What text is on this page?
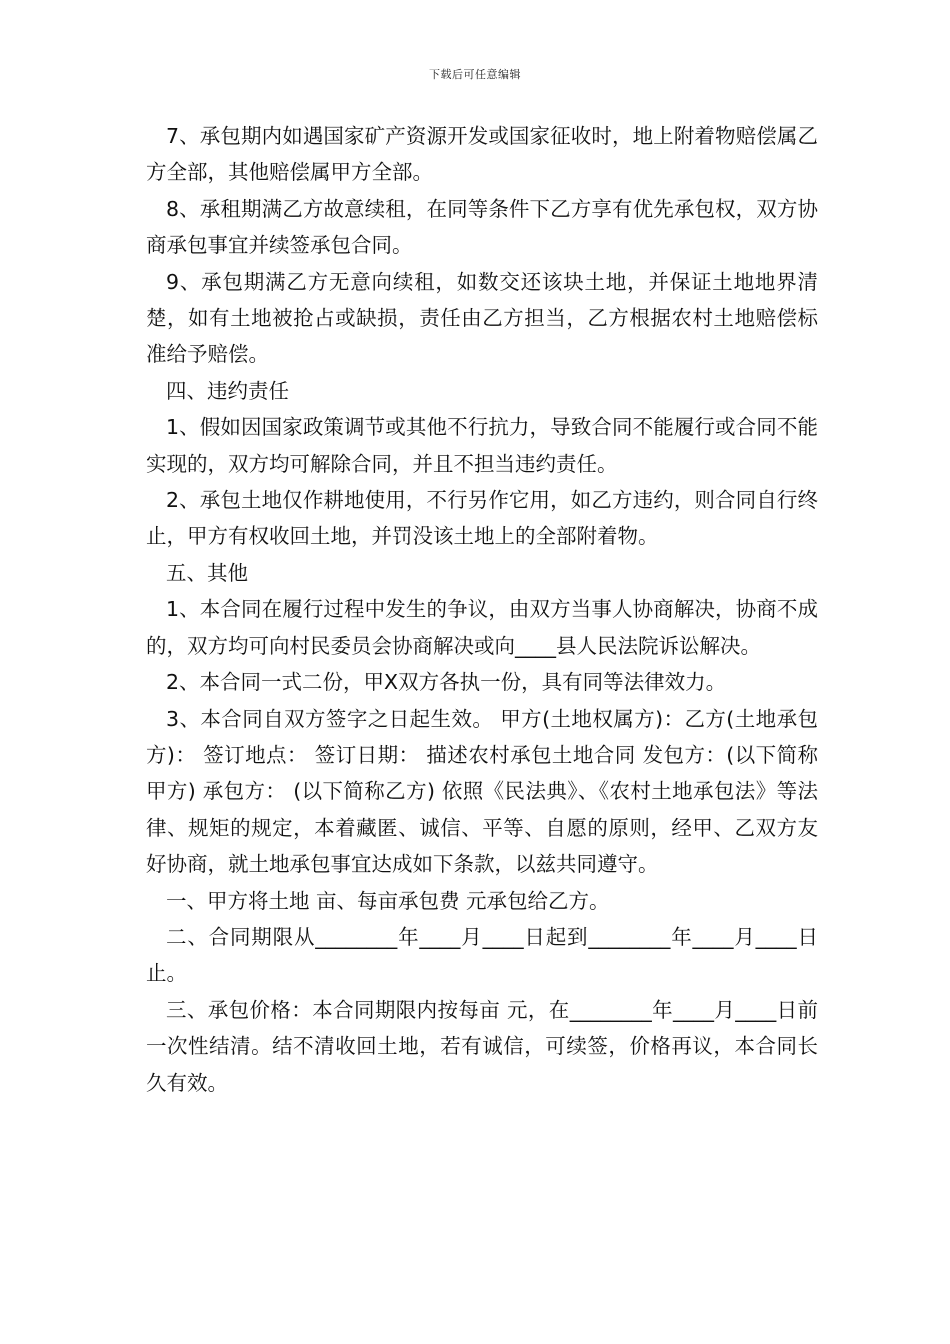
下载后可任意编辑

7、承包期内如遇国家矿产资源开发或国家征收时，地上附着物赔偿属乙方全部，其他赔偿属甲方全部。

8、承租期满乙方故意续租，在同等条件下乙方享有优先承包权，双方协商承包事宜并续签承包合同。

9、承包期满乙方无意向续租，如数交还该块土地，并保证土地地界清楚，如有土地被抢占或缺损，责任由乙方担当，乙方根据农村土地赔偿标准给予赔偿。

四、违约责任

1、假如因国家政策调节或其他不行抗力，导致合同不能履行或合同不能实现的，双方均可解除合同，并且不担当违约责任。

2、承包土地仅作耕地使用，不行另作它用，如乙方违约，则合同自行终止，甲方有权收回土地，并罚没该土地上的全部附着物。

五、其他

1、本合同在履行过程中发生的争议，由双方当事人协商解决，协商不成的，双方均可向村民委员会协商解决或向____县人民法院诉讼解决。

2、本合同一式二份，甲X双方各执一份，具有同等法律效力。

3、本合同自双方签字之日起生效。 甲方(土地权属方)：乙方(土地承包方)： 签订地点： 签订日期： 描述农村承包土地合同 发包方：(以下简称甲方) 承包方： (以下简称乙方) 依照《民法典》、《农村土地承包法》等法律、规矩的规定，本着藏匿、诚信、平等、自愿的原则，经甲、乙双方友好协商，就土地承包事宜达成如下条款，以兹共同遵守。

一、甲方将土地 亩、每亩承包费 元承包给乙方。

二、合同期限从________年____月____日起到________年____月____日止。

三、承包价格：本合同期限内按每亩 元，在________年____月____日前一次性结清。结不清收回土地，若有诚信，可续签，价格再议，本合同长久有效。
